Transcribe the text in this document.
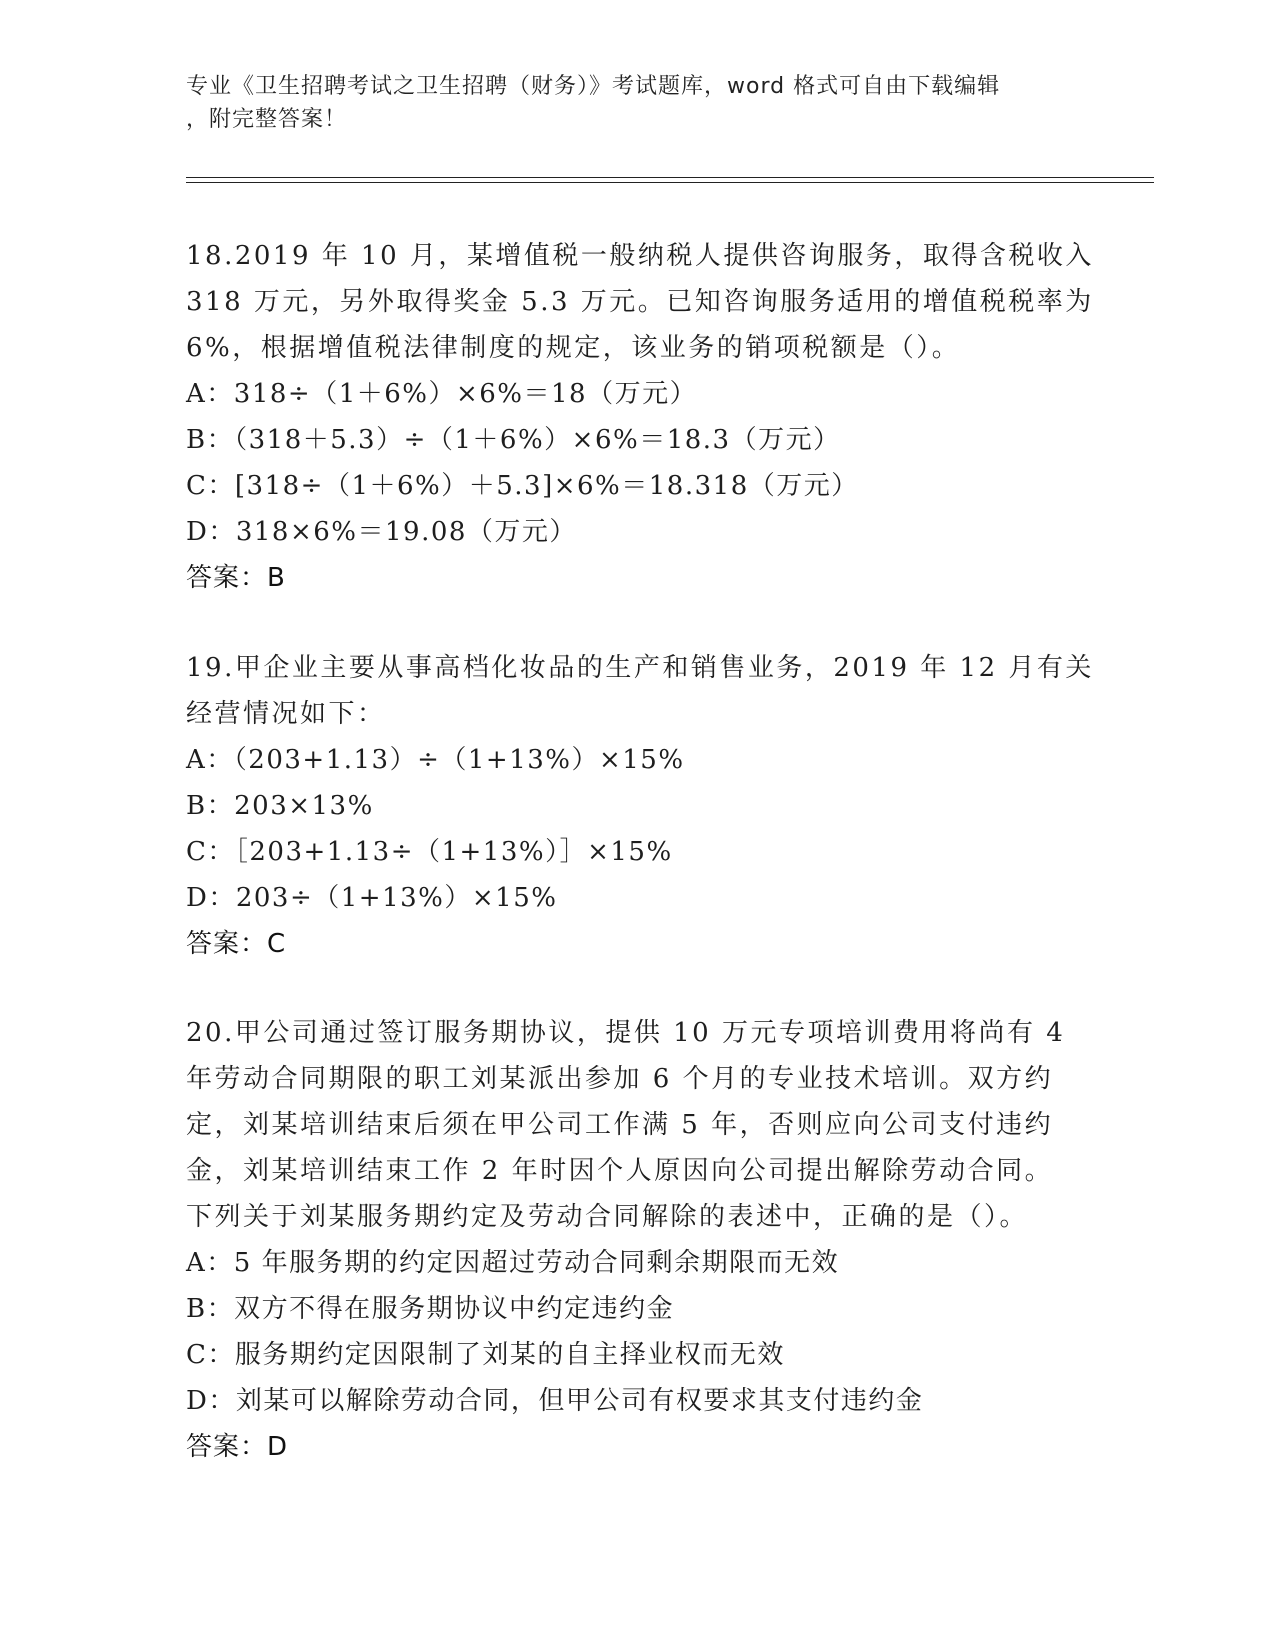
专业《卫生招聘考试之卫生招聘（财务）》考试题库，word 格式可自由下载编辑
，附完整答案！
18.2019 年 10 月，某增值税一般纳税人提供咨询服务，取得含税收入
318 万元，另外取得奖金 5.3 万元。已知咨询服务适用的增值税税率为
6%，根据增值税法律制度的规定，该业务的销项税额是（）。
A：318÷（1＋6%）×6%＝18（万元）
B：（318＋5.3）÷（1＋6%）×6%＝18.3（万元）
C：[318÷（1＋6%）＋5.3]×6%＝18.318（万元）
D：318×6%＝19.08（万元）
答案：B
19.甲企业主要从事高档化妆品的生产和销售业务，2019 年 12 月有关
经营情况如下：
A：（203+1.13）÷（1+13%）×15%
B：203×13%
C：［203+1.13÷（1+13%）］×15%
D：203÷（1+13%）×15%
答案：C
20.甲公司通过签订服务期协议，提供 10 万元专项培训费用将尚有 4
年劳动合同期限的职工刘某派出参加 6 个月的专业技术培训。双方约
定，刘某培训结束后须在甲公司工作满 5 年，否则应向公司支付违约
金，刘某培训结束工作 2 年时因个人原因向公司提出解除劳动合同。
下列关于刘某服务期约定及劳动合同解除的表述中，正确的是（）。
A：5 年服务期的约定因超过劳动合同剩余期限而无效
B：双方不得在服务期协议中约定违约金
C：服务期约定因限制了刘某的自主择业权而无效
D：刘某可以解除劳动合同，但甲公司有权要求其支付违约金
答案：D
